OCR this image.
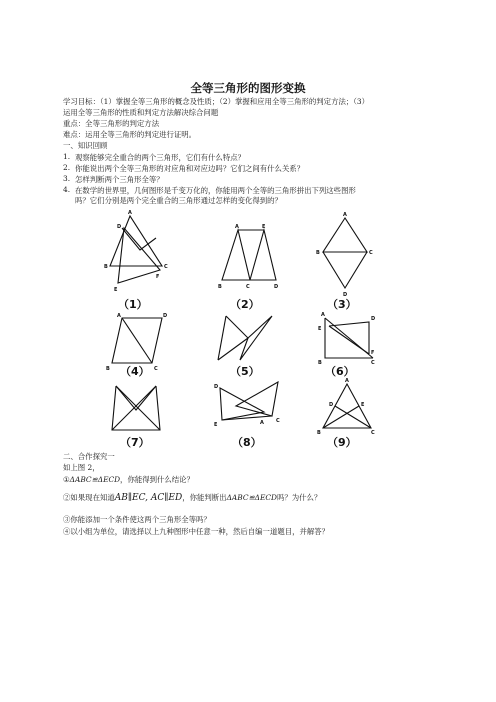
全等三角形的图形变换
学习目标：（1）掌握全等三角形的概念及性质；（2）掌握和应用全等三角形的判定方法；（3）
运用全等三角形的性质和判定方法解决综合问题
重点：全等三角形的判定方法
难点：运用全等三角形的判定进行证明。
一、知识回顾
1. 观察能够完全重合的两个三角形，它们有什么特点？
2. 你能说出两个全等三角形的对应角和对应边吗？它们之间有什么关系？
3. 怎样判断两个三角形全等？
4. 在数学的世界里，几何图形是千变万化的，你能用两个全等的三角形拼出下列这些图形
吗？它们分别是两个完全重合的三角形通过怎样的变化得到的？
A
D
B	C
E
F
（1）
A	E
B	C	D
（2）
A
B	C
D
（3）
A	D
B	C
（4）	（5）
A
D
E
B	C
F
（6）
（7）
D
E	A C
（8）
A
D	E
B	C
（9）
二、合作探究一
如上图 2，
①ΔABC≌ΔECD，你能得到什么结论？
②如果现在知道AB∥EC, AC∥ED，你能判断出ΔABC≌ΔECD吗？为什么？
③你能添加一个条件使这两个三角形全等吗？
④以小组为单位，请选择以上九种图形中任意一种，然后自编一道题目，并解答？
